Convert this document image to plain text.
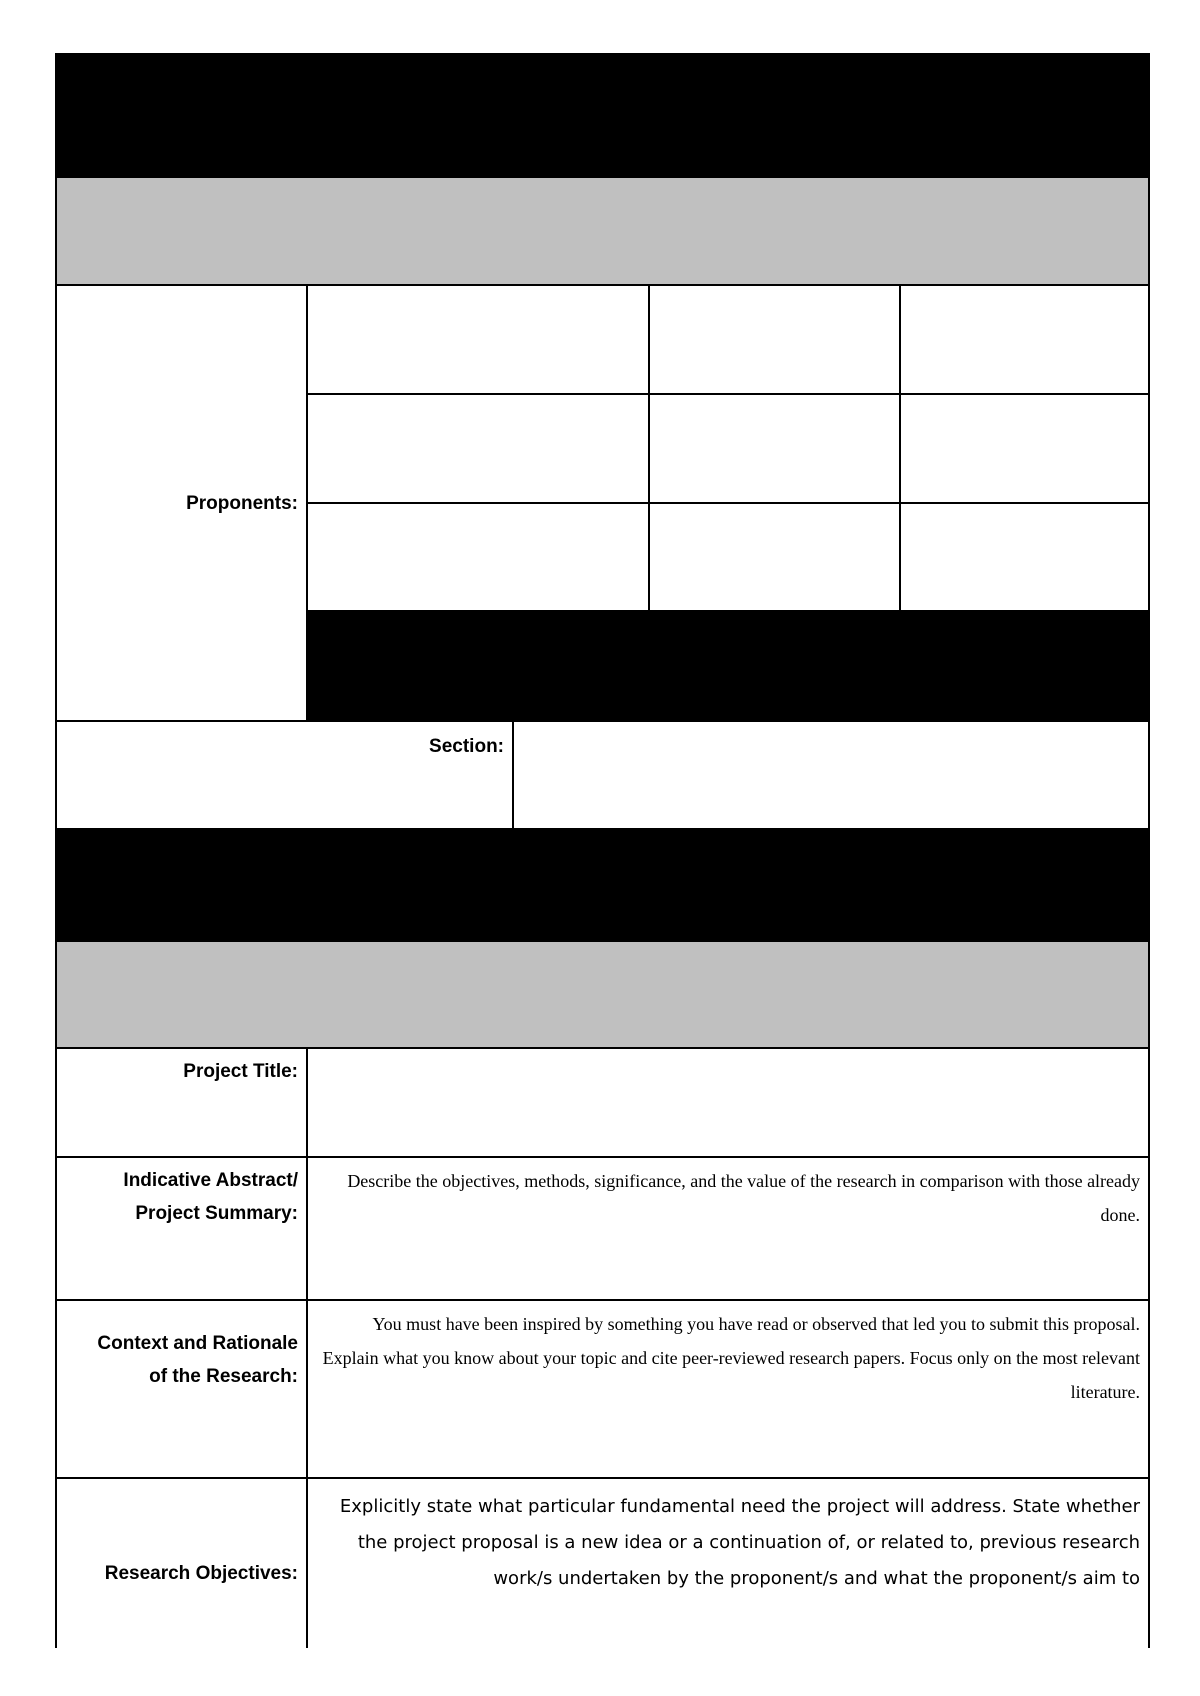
Proponents:				

Section:				

Project Title:				

Indicative Abstract/
Project Summary:	Describe the objectives, methods, significance, and the value of the research in comparison with those already done.			

Context and Rationale
of the Research:	You must have been inspired by something you have read or observed that led you to submit this proposal. Explain what you know about your topic and cite peer-reviewed research papers. Focus only on the most relevant literature.			
Research Objectives:	Explicitly state what particular fundamental need the project will address. State whether the project proposal is a new idea or a continuation of, or related to, previous research work/s undertaken by the proponent/s and what the proponent/s aim to			
